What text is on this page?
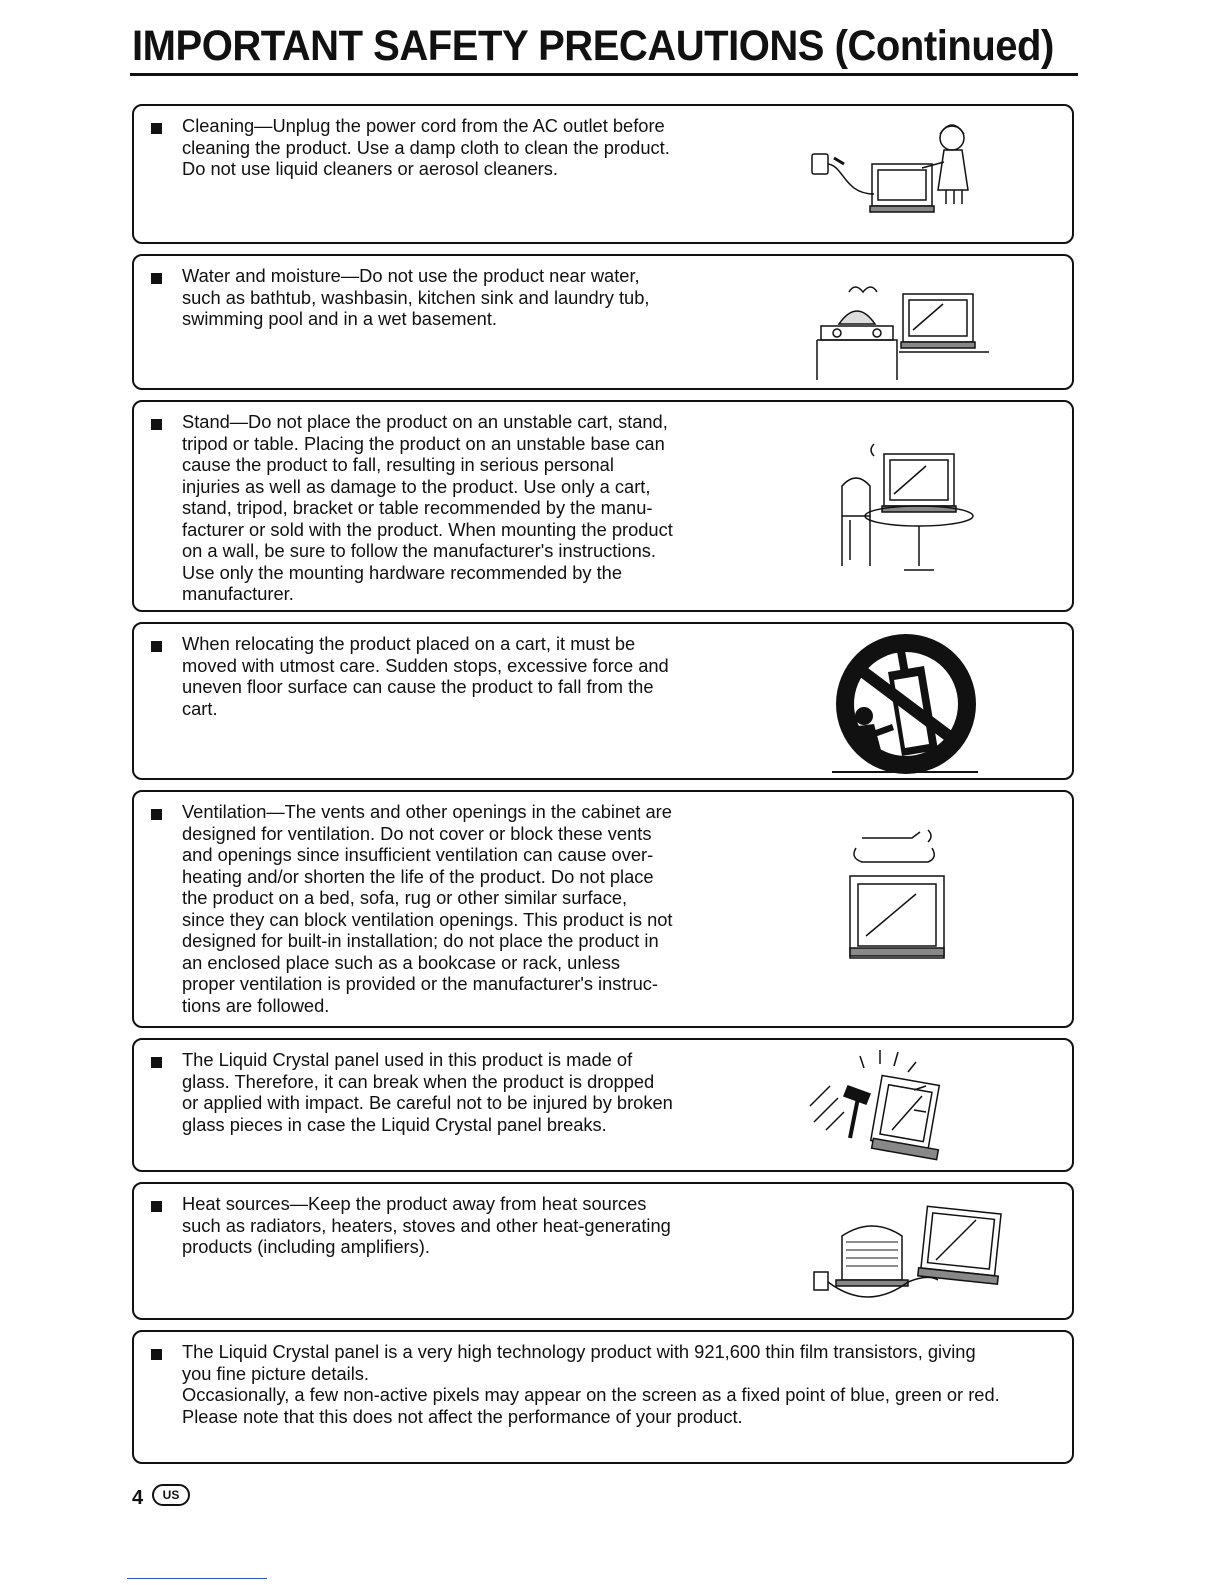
IMPORTANT SAFETY PRECAUTIONS (Continued)
Cleaning—Unplug the power cord from the AC outlet before
cleaning the product. Use a damp cloth to clean the product.
Do not use liquid cleaners or aerosol cleaners.
Water and moisture—Do not use the product near water,
such as bathtub, washbasin, kitchen sink and laundry tub,
swimming pool and in a wet basement.
Stand—Do not place the product on an unstable cart, stand,
tripod or table. Placing the product on an unstable base can
cause the product to fall, resulting in serious personal
injuries as well as damage to the product. Use only a cart,
stand, tripod, bracket or table recommended by the manu-
facturer or sold with the product. When mounting the product
on a wall, be sure to follow the manufacturer's instructions.
Use only the mounting hardware recommended by the
manufacturer.
When relocating the product placed on a cart, it must be
moved with utmost care. Sudden stops, excessive force and
uneven floor surface can cause the product to fall from the
cart.
Ventilation—The vents and other openings in the cabinet are
designed for ventilation. Do not cover or block these vents
and openings since insufficient ventilation can cause over-
heating and/or shorten the life of the product. Do not place
the product on a bed, sofa, rug or other similar surface,
since they can block ventilation openings. This product is not
designed for built-in installation; do not place the product in
an enclosed place such as a bookcase or rack, unless
proper ventilation is provided or the manufacturer's instruc-
tions are followed.
The Liquid Crystal panel used in this product is made of
glass. Therefore, it can break when the product is dropped
or applied with impact. Be careful not to be injured by broken
glass pieces in case the Liquid Crystal panel breaks.
Heat sources—Keep the product away from heat sources
such as radiators, heaters, stoves and other heat-generating
products (including amplifiers).
The Liquid Crystal panel is a very high technology product with 921,600 thin film transistors, giving
you fine picture details.
Occasionally, a few non-active pixels may appear on the screen as a fixed point of blue, green or red.
Please note that this does not affect the performance of your product.
4	US
